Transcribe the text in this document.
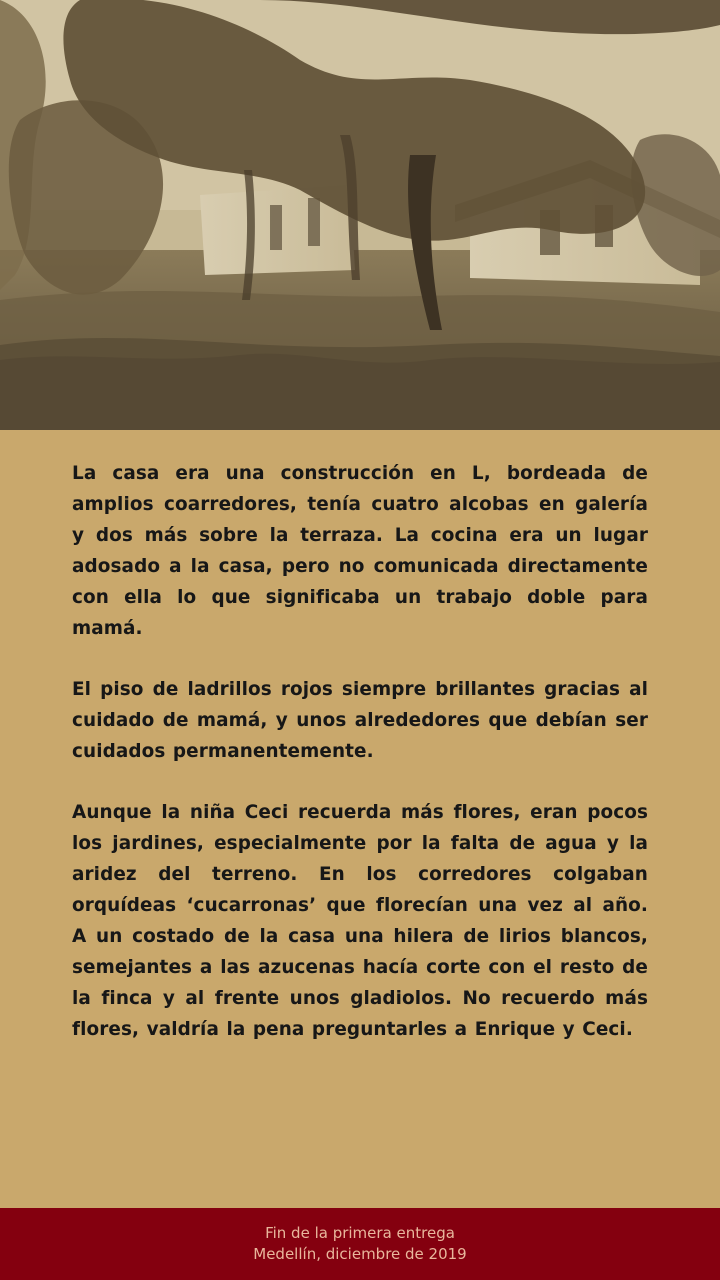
La casa era una construcción en L, bordeada de amplios coarredores, tenía cuatro alcobas en galería y dos más sobre la terraza. La cocina era un lugar adosado a la casa, pero no comunicada directamente con ella lo que significaba un trabajo doble para mamá.

El piso de ladrillos rojos siempre brillantes gracias al cuidado de mamá, y unos alrededores que debían ser cuidados permanentemente.

Aunque la niña Ceci recuerda más flores, eran pocos los jardines, especialmente por la falta de agua y la aridez del terreno. En los corredores colgaban orquídeas ‘cucarronas’ que florecían una vez al año. A un costado de la casa una hilera de lirios blancos, semejantes a las azucenas hacía corte con el resto de la finca y al frente unos gladiolos. No recuerdo más flores, valdría la pena preguntarles a Enrique y Ceci.

Fin de la primera entrega
Medellín, diciembre de 2019
